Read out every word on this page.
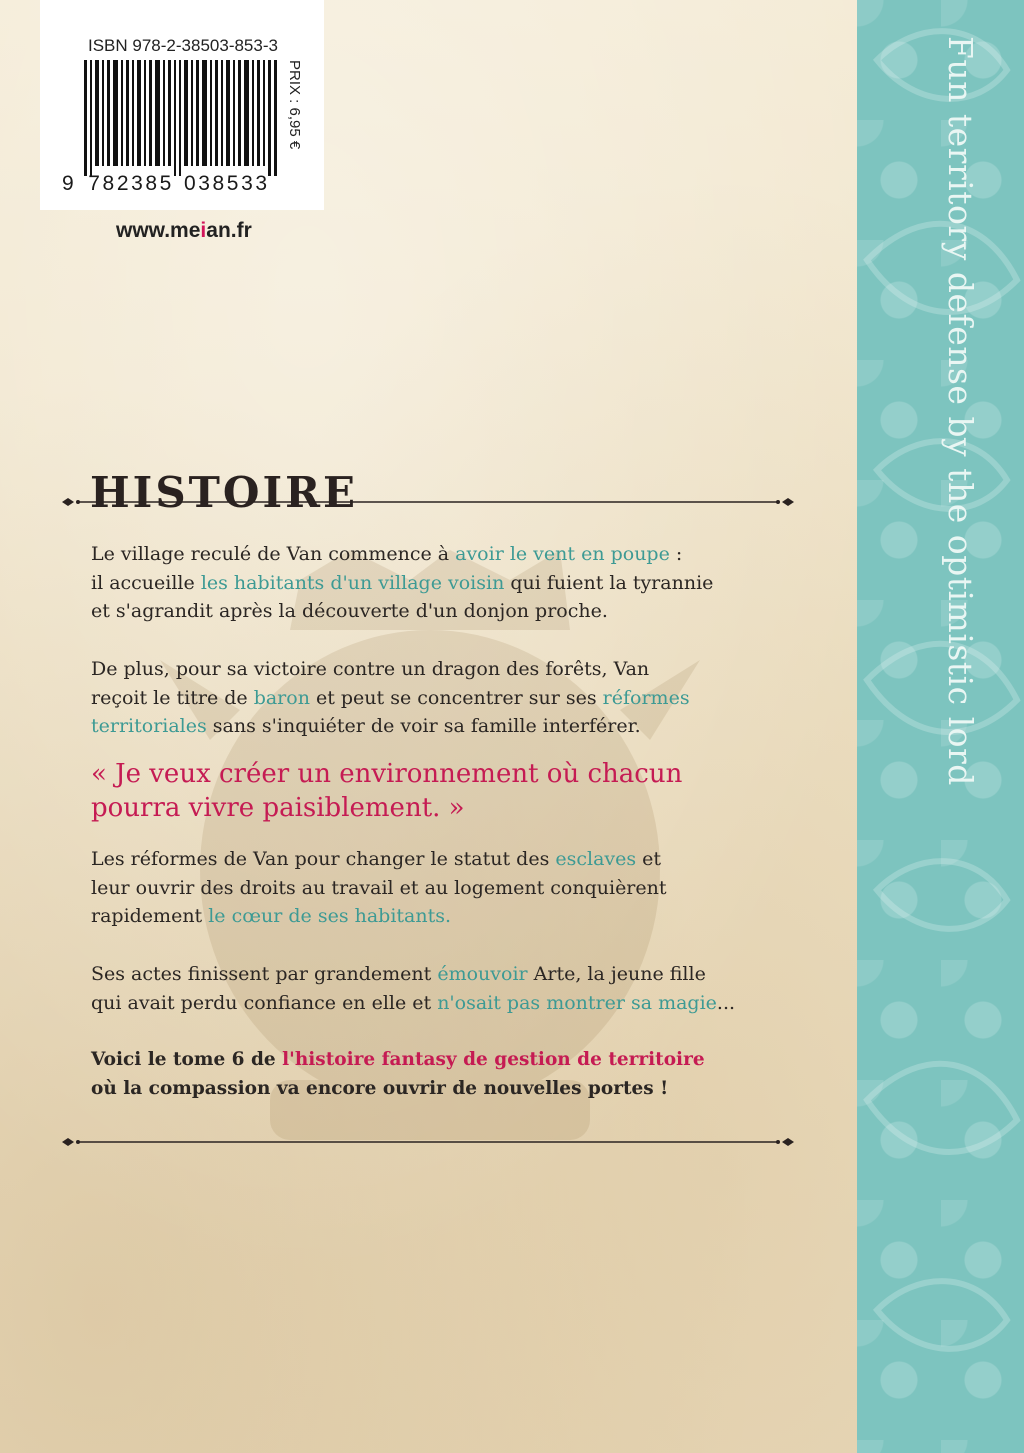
Fun territory defense by the optimistic lord
ISBN 978-2-38503-853-3
9 782385 038533
PRIX : 6,95 €
www.meian.fr
HISTOIRE
Le village reculé de Van commence à avoir le vent en poupe :
il accueille les habitants d'un village voisin qui fuient la tyrannie
et s'agrandit après la découverte d'un donjon proche.
De plus, pour sa victoire contre un dragon des forêts, Van
reçoit le titre de baron et peut se concentrer sur ses réformes
territoriales sans s'inquiéter de voir sa famille interférer.
« Je veux créer un environnement où chacun
pourra vivre paisiblement. »
Les réformes de Van pour changer le statut des esclaves et
leur ouvrir des droits au travail et au logement conquièrent
rapidement le cœur de ses habitants.
Ses actes finissent par grandement émouvoir Arte, la jeune fille
qui avait perdu confiance en elle et n'osait pas montrer sa magie...
Voici le tome 6 de l'histoire fantasy de gestion de territoire
où la compassion va encore ouvrir de nouvelles portes !
